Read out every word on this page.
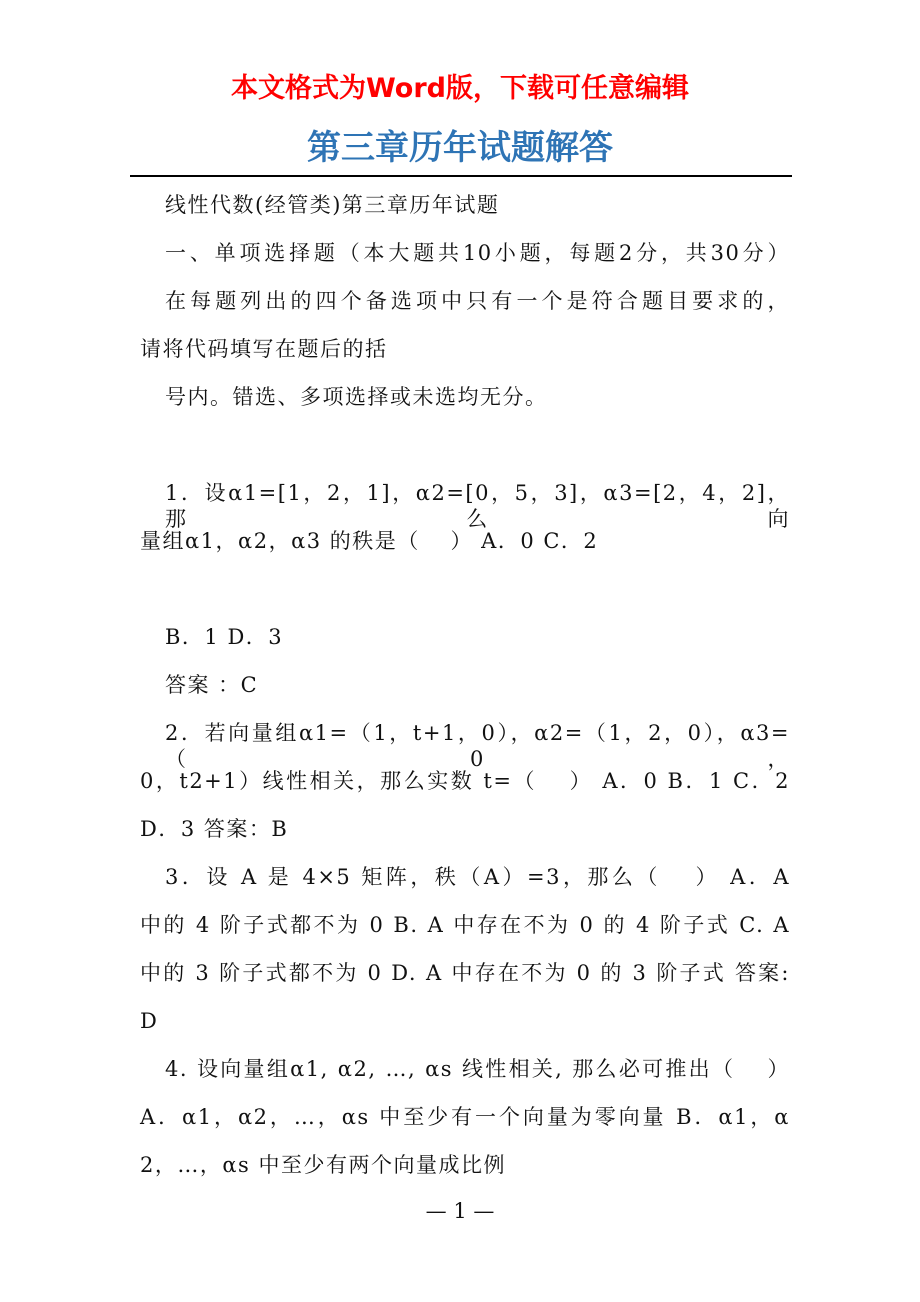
本文格式为Word版，下载可任意编辑
第三章历年试题解答
线性代数(经管类)第三章历年试题
一、单项选择题（本大题共10小题，每题2分，共30分）
在每题列出的四个备选项中只有一个是符合题目要求的，
请将代码填写在题后的括
号内。错选、多项选择或未选均无分。
1．设α1=[1，2，1]，α2=[0，5，3]，α3=[2，4，2]，那么向
量组α1，α2，α3 的秩是（　 ） A．0 C．2
B．1 D．3
答案 ：C
2．若向量组α1=（1，t+1，0），α2=（1，2，0），α3=（0，
0，t2+1）线性相关，那么实数 t=（　 ） A．0 B．1 C．2
D．3 答案：B
3．设 A 是 4×5 矩阵，秩（A）=3，那么（　 ） A．A
中的 4 阶子式都不为 0 B. A 中存在不为 0 的 4 阶子式 C. A
中的 3 阶子式都不为 0 D. A 中存在不为 0 的 3 阶子式 答案:
D
4. 设向量组α1, α2, …, αs 线性相关, 那么必可推出（　 ）
A．α1，α2，…，αs 中至少有一个向量为零向量 B．α1，α
2，…，αs 中至少有两个向量成比例
— 1 —
